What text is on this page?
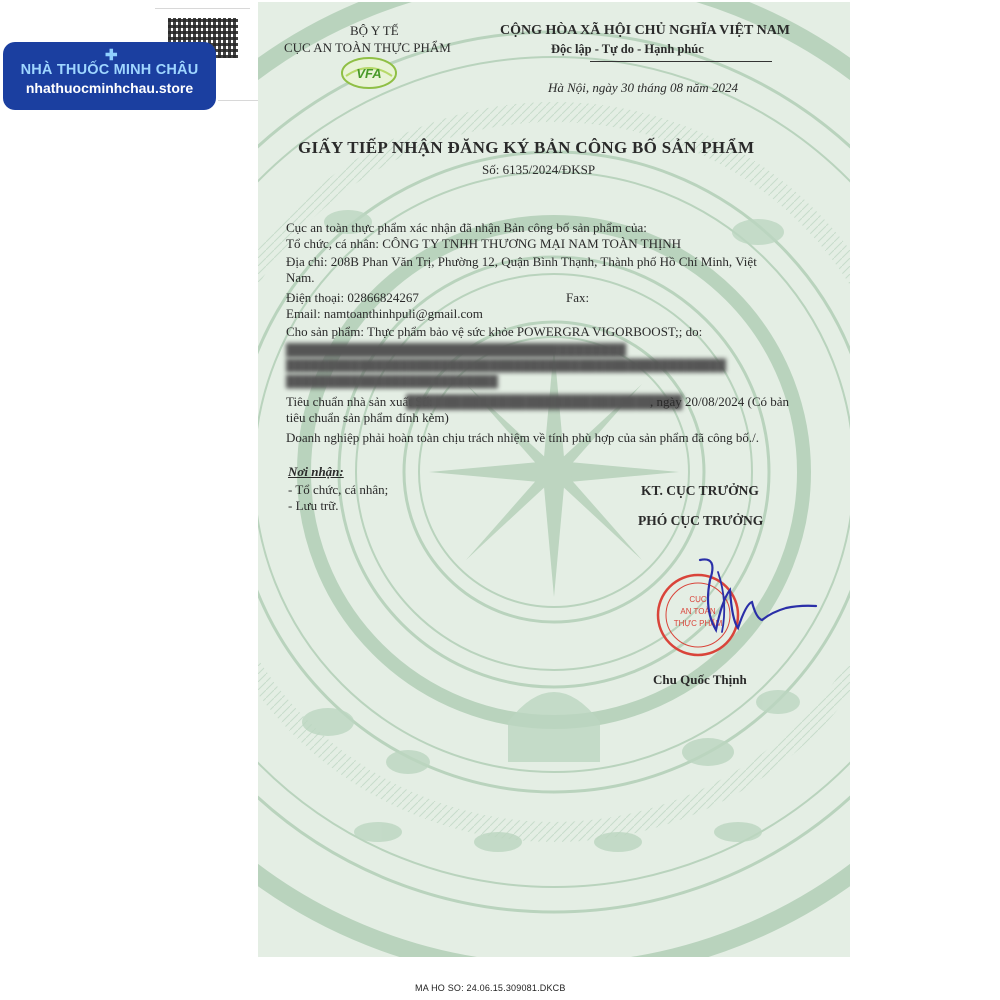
✚
NHÀ THUỐC MINH CHÂU
nhathuocminhchau.store
BỘ Y TẾ
CỤC AN TOÀN THỰC PHẨM
VFA
CỘNG HÒA XÃ HỘI CHỦ NGHĨA VIỆT NAM
Độc lập - Tự do - Hạnh phúc
Hà Nội, ngày 30 tháng 08 năm 2024
GIẤY TIẾP NHẬN ĐĂNG KÝ BẢN CÔNG BỐ SẢN PHẨM
Số: 6135/2024/ĐKSP
Cục an toàn thực phẩm xác nhận đã nhận Bản công bố sản phẩm của:
Tổ chức, cá nhân: CÔNG TY TNHH THƯƠNG MẠI NAM TOÀN THỊNH
Địa chỉ: 208B Phan Văn Trị, Phường 12, Quận Bình Thạnh, Thành phố Hồ Chí Minh, Việt
Nam.
Điện thoại: 02866824267	Fax:
Email: namtoanthinhpuli@gmail.com
Cho sản phẩm: Thực phẩm bảo vệ sức khỏe POWERGRA VIGORBOOST;; do:
████████████████████████████████████████
██████████████████████████████████████████████████████
██████████████████████████
Tiêu chuẩn nhà sản xuất Số:
██████████████████████████████
, ngày 20/08/2024 (Có bản
tiêu chuẩn sản phẩm đính kèm)
Doanh nghiệp phải hoàn toàn chịu trách nhiệm về tính phù hợp của sản phẩm đã công bố./.
Nơi nhận:
- Tổ chức, cá nhân;
- Lưu trữ.
KT. CỤC TRƯỞNG
PHÓ CỤC TRƯỞNG
CỤC
AN TOÀN
THỰC PHẨM
Chu Quốc Thịnh
MA HO SO: 24.06.15.309081.DKCB
